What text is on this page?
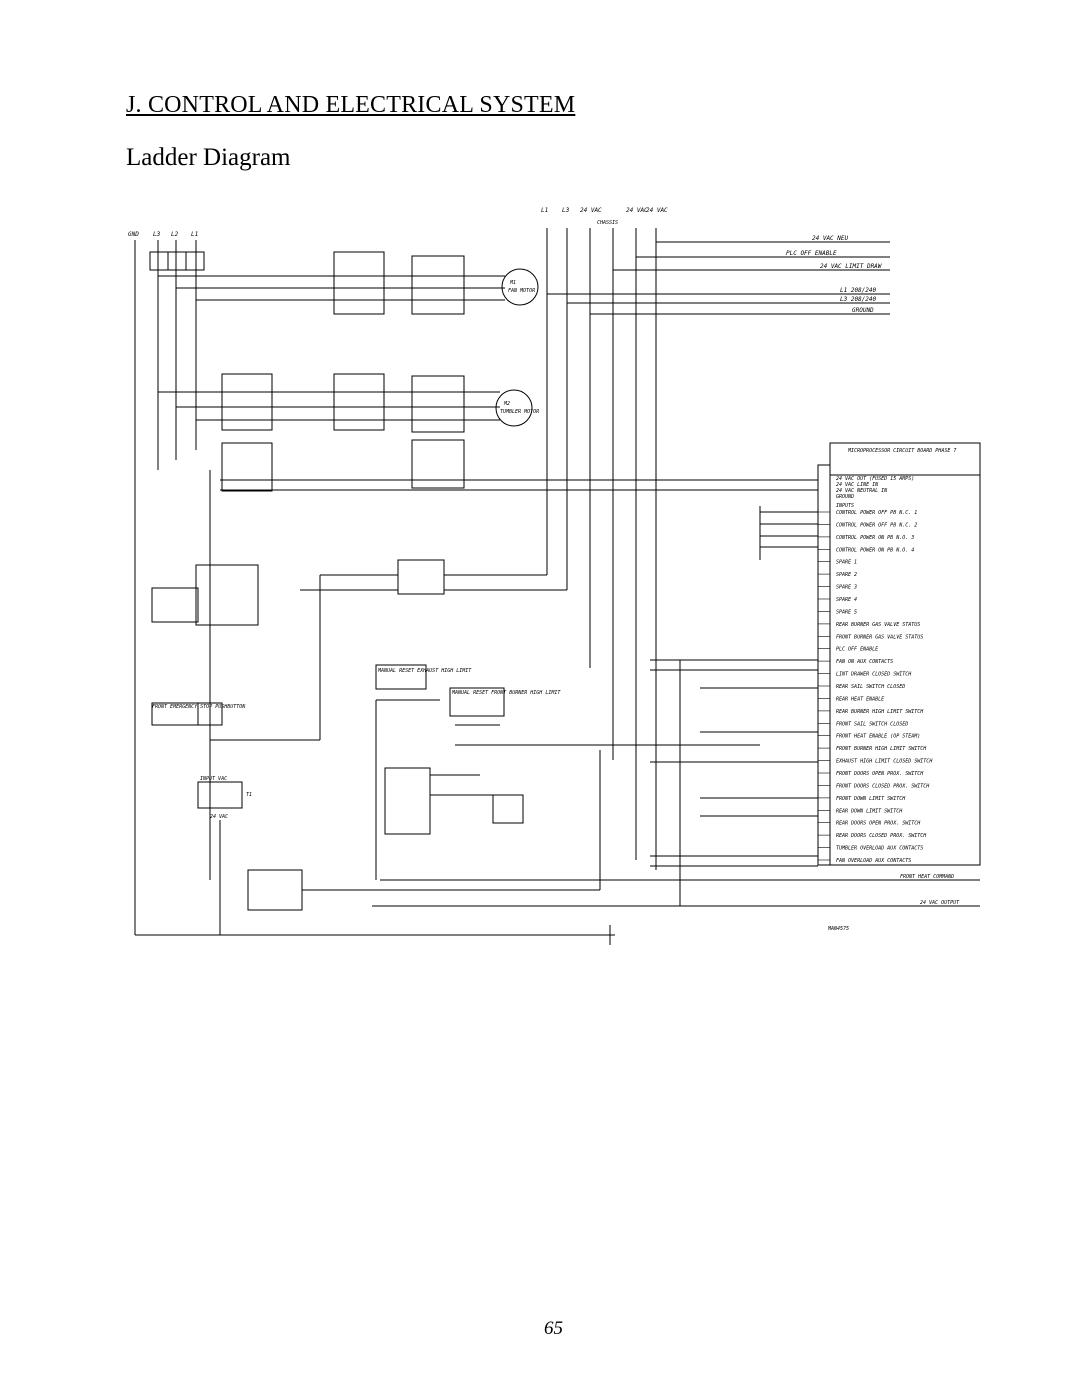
J. CONTROL AND ELECTRICAL SYSTEM
Ladder Diagram
GND L3 L2 L1
L1 L3 24 VAC
CHASSIS
24 VAC
24 VAC
24 VAC NEU
PLC OFF ENABLE
24 VAC LIMIT DRAW
L1 208/240
L3 208/240
GROUND
M1
FAN MOTOR
M2
TUMBLER MOTOR
MICROPROCESSOR CIRCUIT BOARD PHASE 7
24 VAC OUT (FUSED 15 AMPS)
24 VAC LINE IN
24 VAC NEUTRAL IN
GROUND
INPUTS
INPUT VAC
24 VAC
T1
FRONT EMERGENCY STOP PUSHBUTTON
MANUAL RESET EXHAUST HIGH LIMIT
MANUAL RESET FRONT BURNER HIGH LIMIT
MAN4575
FRONT HEAT COMMAND
24 VAC OUTPUT
CONTROL POWER OFF PB N.C. 1
CONTROL POWER OFF PB N.C. 2
CONTROL POWER ON PB N.O. 3
CONTROL POWER ON PB N.O. 4
SPARE 1
SPARE 2
SPARE 3
SPARE 4
SPARE 5
REAR BURNER GAS VALVE STATUS
FRONT BURNER GAS VALVE STATUS
PLC OFF ENABLE
FAN ON AUX CONTACTS
LINT DRAWER CLOSED SWITCH
REAR SAIL SWITCH CLOSED
REAR HEAT ENABLE
REAR BURNER HIGH LIMIT SWITCH
FRONT SAIL SWITCH CLOSED
FRONT HEAT ENABLE (OP STEAM)
FRONT BURNER HIGH LIMIT SWITCH
EXHAUST HIGH LIMIT CLOSED SWITCH
FRONT DOORS OPEN PROX. SWITCH
FRONT DOORS CLOSED PROX. SWITCH
FRONT DOWN LIMIT SWITCH
REAR DOWN LIMIT SWITCH
REAR DOORS OPEN PROX. SWITCH
REAR DOORS CLOSED PROX. SWITCH
TUMBLER OVERLOAD AUX CONTACTS
FAN OVERLOAD AUX CONTACTS
65
